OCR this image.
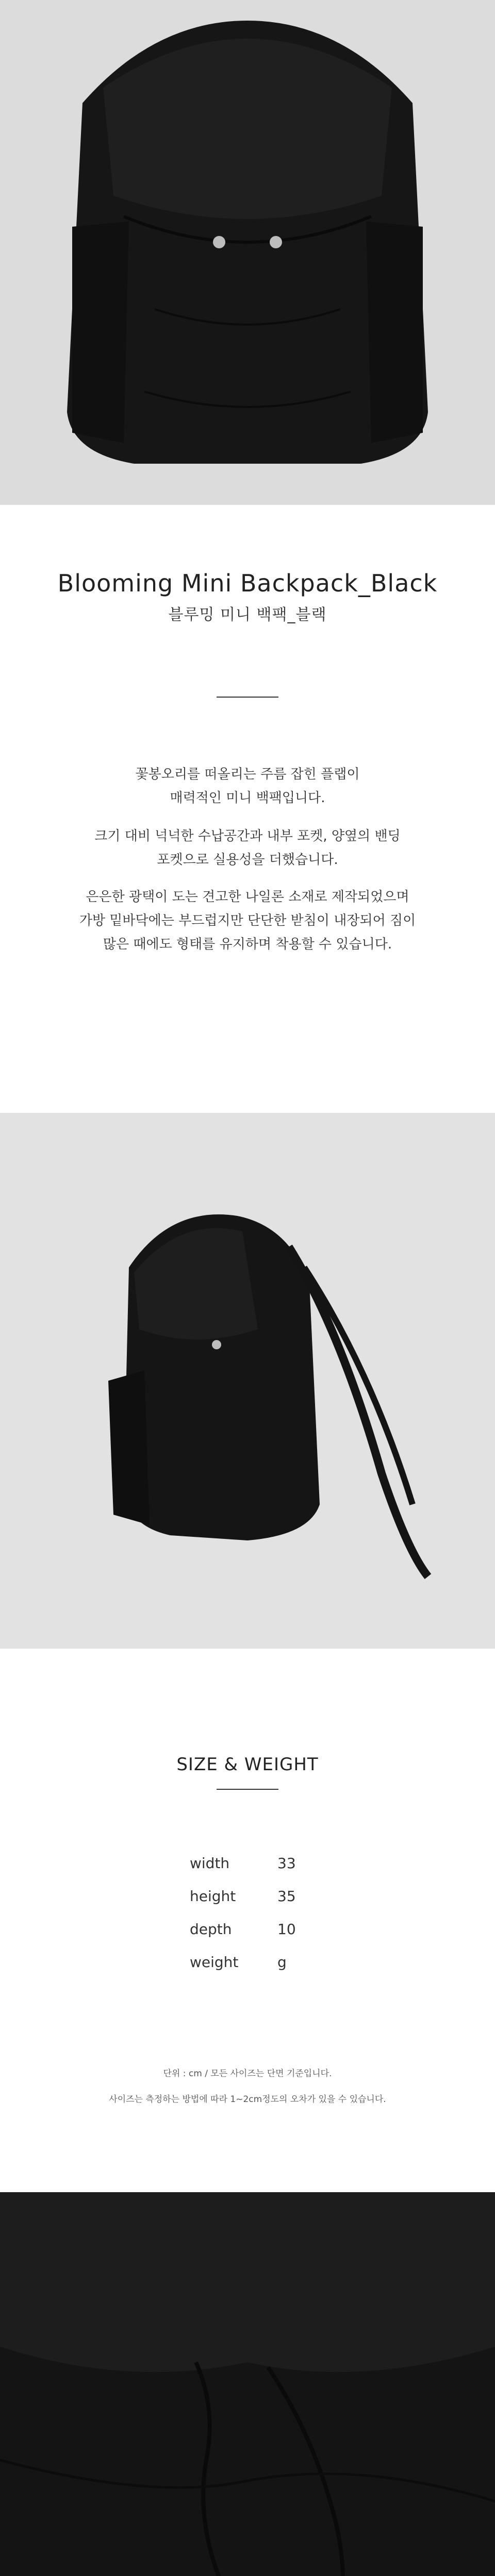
Blooming Mini Backpack_Black
블루밍 미니 백팩_블랙
꽃봉오리를 떠올리는 주름 잡힌 플랩이
매력적인 미니 백팩입니다.
크기 대비 넉넉한 수납공간과 내부 포켓, 양옆의 밴딩
포켓으로 실용성을 더했습니다.
은은한 광택이 도는 견고한 나일론 소재로 제작되었으며
가방 밑바닥에는 부드럽지만 단단한 받침이 내장되어 짐이
많은 때에도 형태를 유지하며 착용할 수 있습니다.
SIZE & WEIGHT
width	33
height	35
depth	10
weight	g
단위 : cm / 모든 사이즈는 단면 기준입니다.
사이즈는 측정하는 방법에 따라 1~2cm정도의 오차가 있을 수 있습니다.
